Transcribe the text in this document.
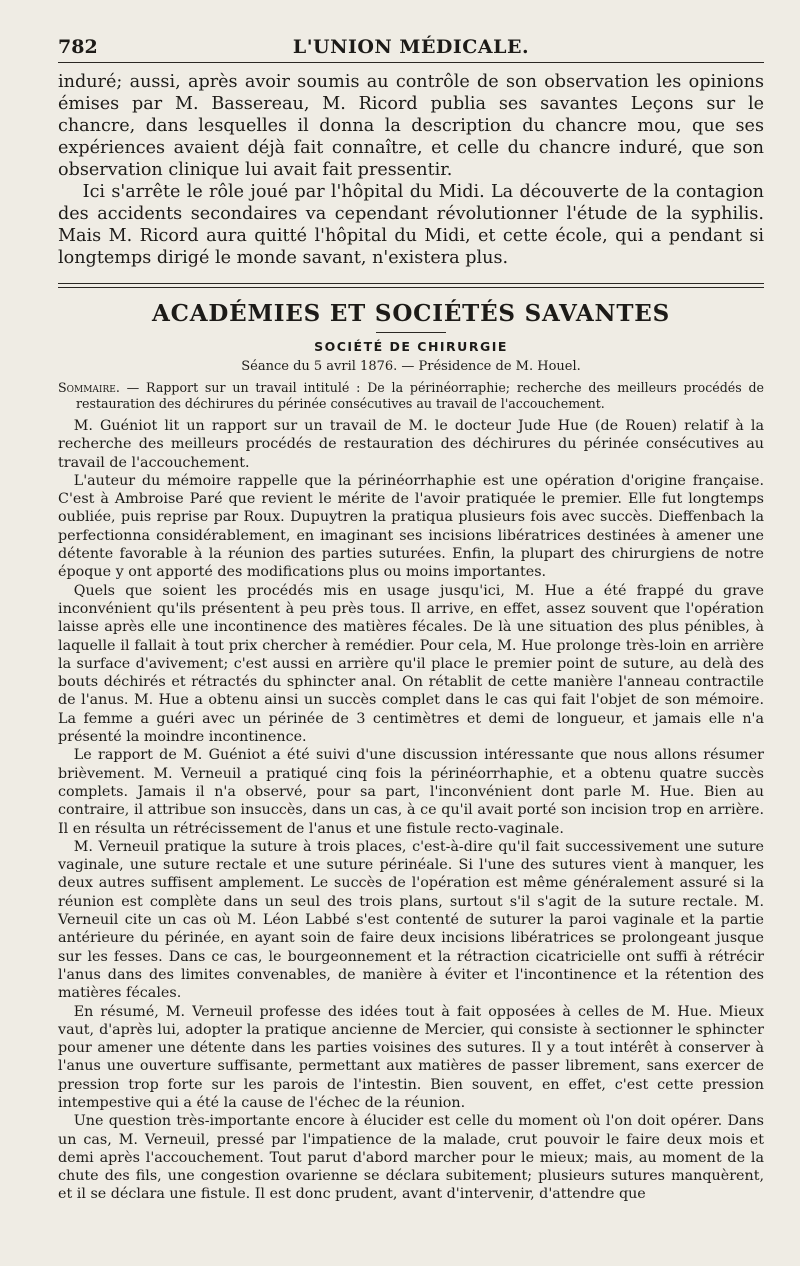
782	L'UNION MÉDICALE.

induré; aussi, après avoir soumis au contrôle de son observation les opinions émises par M. Bassereau, M. Ricord publia ses savantes Leçons sur le chancre, dans lesquelles il donna la description du chancre mou, que ses expériences avaient déjà fait connaître, et celle du chancre induré, que son observation clinique lui avait fait pressentir.

Ici s'arrête le rôle joué par l'hôpital du Midi. La découverte de la contagion des accidents secondaires va cependant révolutionner l'étude de la syphilis. Mais M. Ricord aura quitté l'hôpital du Midi, et cette école, qui a pendant si longtemps dirigé le monde savant, n'existera plus.

ACADÉMIES ET SOCIÉTÉS SAVANTES
SOCIÉTÉ DE CHIRURGIE
Séance du 5 avril 1876. — Présidence de M. Houel.

Sommaire. — Rapport sur un travail intitulé : De la périnéorraphie; recherche des meilleurs procédés de restauration des déchirures du périnée consécutives au travail de l'accouchement.

M. Guéniot lit un rapport sur un travail de M. le docteur Jude Hue (de Rouen) relatif à la recherche des meilleurs procédés de restauration des déchirures du périnée consécutives au travail de l'accouchement.

L'auteur du mémoire rappelle que la périnéorrhaphie est une opération d'origine française. C'est à Ambroise Paré que revient le mérite de l'avoir pratiquée le premier. Elle fut longtemps oubliée, puis reprise par Roux. Dupuytren la pratiqua plusieurs fois avec succès. Dieffenbach la perfectionna considérablement, en imaginant ses incisions libératrices destinées à amener une détente favorable à la réunion des parties suturées. Enfin, la plupart des chirurgiens de notre époque y ont apporté des modifications plus ou moins importantes.

Quels que soient les procédés mis en usage jusqu'ici, M. Hue a été frappé du grave inconvénient qu'ils présentent à peu près tous. Il arrive, en effet, assez souvent que l'opération laisse après elle une incontinence des matières fécales. De là une situation des plus pénibles, à laquelle il fallait à tout prix chercher à remédier. Pour cela, M. Hue prolonge très-loin en arrière la surface d'avivement; c'est aussi en arrière qu'il place le premier point de suture, au delà des bouts déchirés et rétractés du sphincter anal. On rétablit de cette manière l'anneau contractile de l'anus. M. Hue a obtenu ainsi un succès complet dans le cas qui fait l'objet de son mémoire. La femme a guéri avec un périnée de 3 centimètres et demi de longueur, et jamais elle n'a présenté la moindre incontinence.

Le rapport de M. Guéniot a été suivi d'une discussion intéressante que nous allons résumer brièvement. M. Verneuil a pratiqué cinq fois la périnéorrhaphie, et a obtenu quatre succès complets. Jamais il n'a observé, pour sa part, l'inconvénient dont parle M. Hue. Bien au contraire, il attribue son insuccès, dans un cas, à ce qu'il avait porté son incision trop en arrière. Il en résulta un rétrécissement de l'anus et une fistule recto-vaginale.

M. Verneuil pratique la suture à trois places, c'est-à-dire qu'il fait successivement une suture vaginale, une suture rectale et une suture périnéale. Si l'une des sutures vient à manquer, les deux autres suffisent amplement. Le succès de l'opération est même généralement assuré si la réunion est complète dans un seul des trois plans, surtout s'il s'agit de la suture rectale. M. Verneuil cite un cas où M. Léon Labbé s'est contenté de suturer la paroi vaginale et la partie antérieure du périnée, en ayant soin de faire deux incisions libératrices se prolongeant jusque sur les fesses. Dans ce cas, le bourgeonnement et la rétraction cicatricielle ont suffi à rétrécir l'anus dans des limites convenables, de manière à éviter et l'incontinence et la rétention des matières fécales.

En résumé, M. Verneuil professe des idées tout à fait opposées à celles de M. Hue. Mieux vaut, d'après lui, adopter la pratique ancienne de Mercier, qui consiste à sectionner le sphincter pour amener une détente dans les parties voisines des sutures. Il y a tout intérêt à conserver à l'anus une ouverture suffisante, permettant aux matières de passer librement, sans exercer de pression trop forte sur les parois de l'intestin. Bien souvent, en effet, c'est cette pression intempestive qui a été la cause de l'échec de la réunion.

Une question très-importante encore à élucider est celle du moment où l'on doit opérer. Dans un cas, M. Verneuil, pressé par l'impatience de la malade, crut pouvoir le faire deux mois et demi après l'accouchement. Tout parut d'abord marcher pour le mieux; mais, au moment de la chute des fils, une congestion ovarienne se déclara subitement; plusieurs sutures manquèrent, et il se déclara une fistule. Il est donc prudent, avant d'intervenir, d'attendre que
